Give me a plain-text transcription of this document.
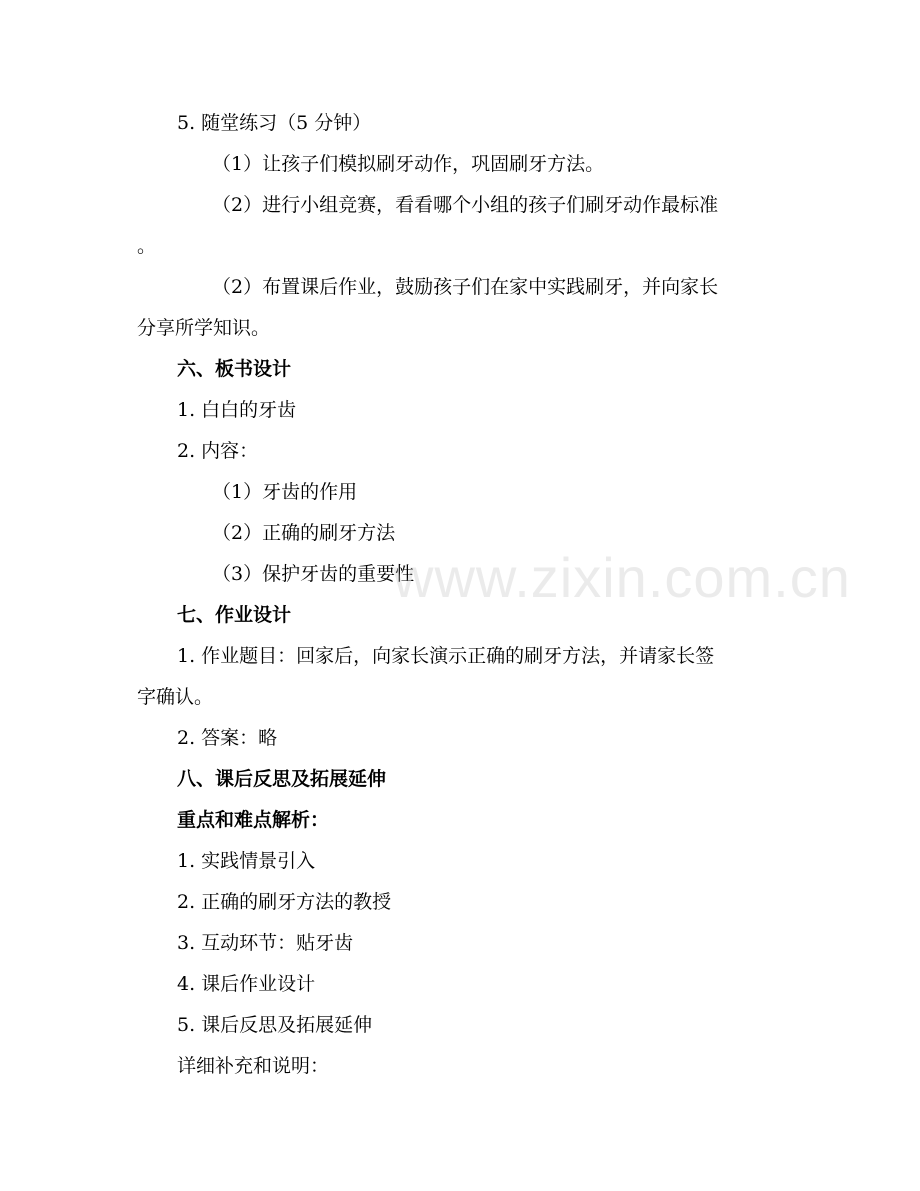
5. 随堂练习（5 分钟）
（1）让孩子们模拟刷牙动作，巩固刷牙方法。
（2）进行小组竞赛，看看哪个小组的孩子们刷牙动作最标准
。
（2）布置课后作业，鼓励孩子们在家中实践刷牙，并向家长
分享所学知识。
六、板书设计
1. 白白的牙齿
2. 内容：
（1）牙齿的作用
（2）正确的刷牙方法
（3）保护牙齿的重要性
七、作业设计
1. 作业题目：回家后，向家长演示正确的刷牙方法，并请家长签
字确认。
2. 答案：略
八、课后反思及拓展延伸
重点和难点解析：
1. 实践情景引入
2. 正确的刷牙方法的教授
3. 互动环节：贴牙齿
4. 课后作业设计
5. 课后反思及拓展延伸
详细补充和说明：
www.zixin.com.cn
